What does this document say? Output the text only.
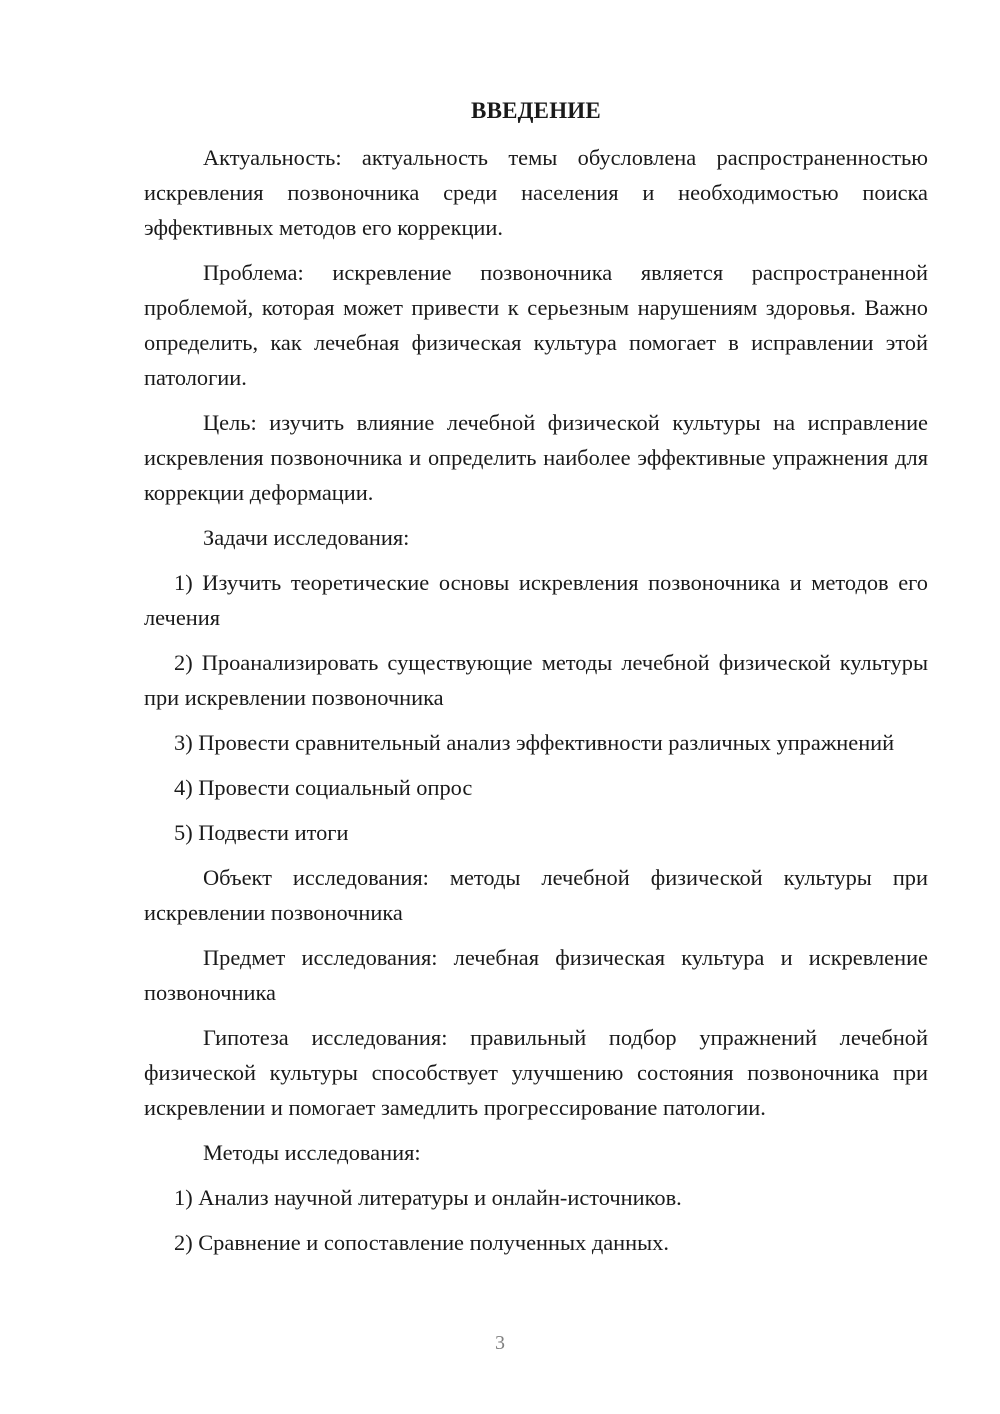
ВВЕДЕНИЕ

Актуальность: актуальность темы обусловлена распространенностью искревления позвоночника среди населения и необходимостью поиска эффективных методов его коррекции.

Проблема: искревление позвоночника является распространенной проблемой, которая может привести к серьезным нарушениям здоровья. Важно определить, как лечебная физическая культура помогает в исправлении этой патологии.

Цель: изучить влияние лечебной физической культуры на исправление искревления позвоночника и определить наиболее эффективные упражнения для коррекции деформации.

Задачи исследования:

1) Изучить теоретические основы искревления позвоночника и методов его лечения

2) Проанализировать существующие методы лечебной физической культуры при искревлении позвоночника

3) Провести сравнительный анализ эффективности различных упражнений

4) Провести социальный опрос

5) Подвести итоги

Объект исследования: методы лечебной физической культуры при искревлении позвоночника

Предмет исследования: лечебная физическая культура и искревление позвоночника

Гипотеза исследования: правильный подбор упражнений лечебной физической культуры способствует улучшению состояния позвоночника при искревлении и помогает замедлить прогрессирование патологии.

Методы исследования:

1) Анализ научной литературы и онлайн-источников.

2) Сравнение и сопоставление полученных данных.

3
